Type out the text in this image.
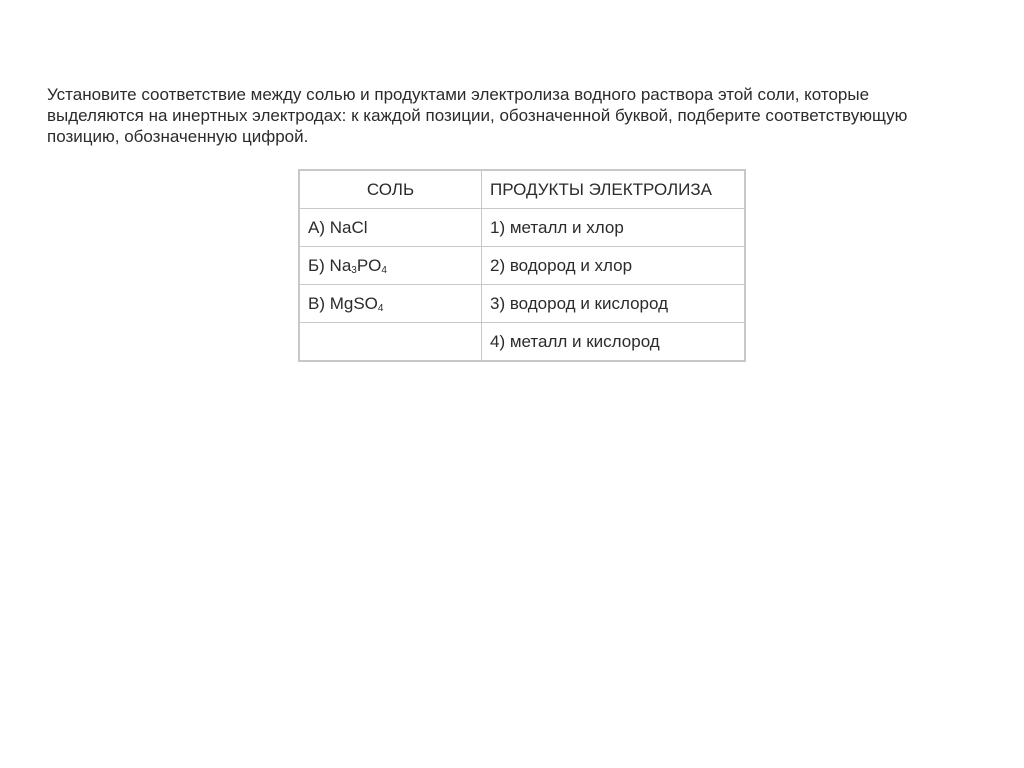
Установите соответствие между солью и продуктами электролиза водного раствора этой соли, которые
выделяются на инертных электродах: к каждой позиции, обозначенной буквой, подберите соответствующую
позицию, обозначенную цифрой.

СОЛЬ	ПРОДУКТЫ ЭЛЕКТРОЛИЗА
А) NaCl	1) металл и хлор
Б) $Na_3PO_4$	2) водород и хлор
В) MgSO$_4$	3) водород и кислород
	4) металл и кислород
